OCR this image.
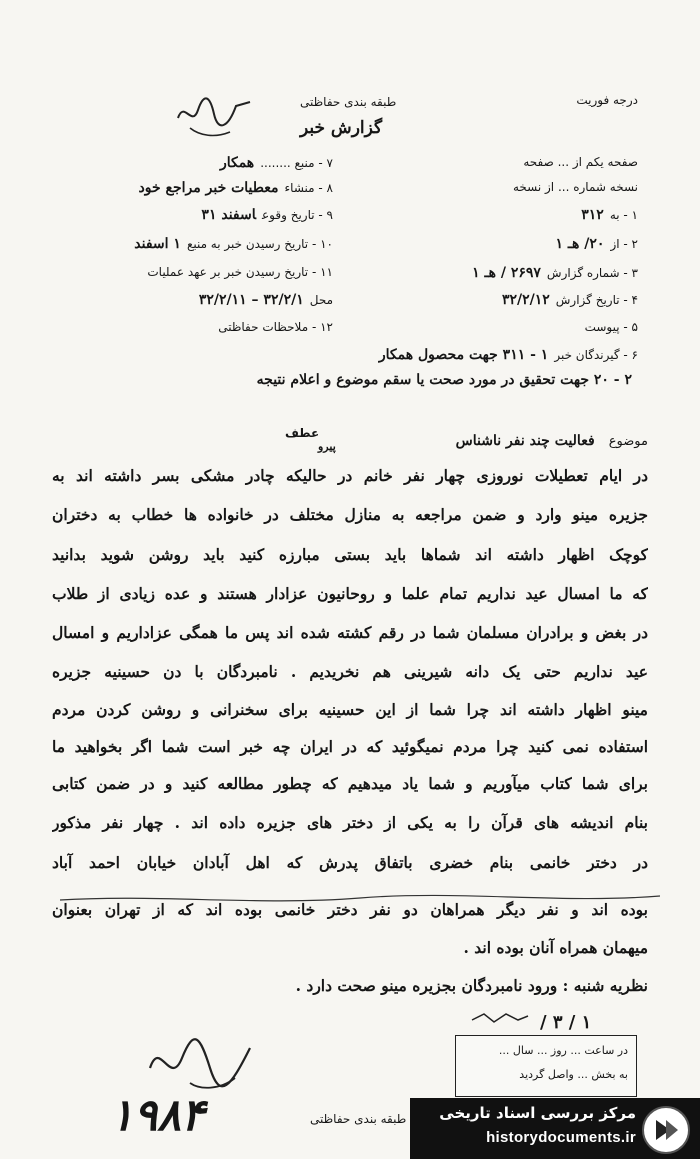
درجه فوریت
طبقه بندی حفاظتی
گزارش خبر
۷ - منبع ........همکار
۸ - منشاءمعطیات خبر مراجع خود
۹ - تاریخ وقوعاسفند ۳۱
۱۰ - تاریخ رسیدن خبر به منبع۱ اسفند
۱۱ - تاریخ رسیدن خبر بر عهد عملیات
محل۳۲/۲/۱ – ۳۲/۲/۱۱
۱۲ - ملاحظات حفاظتی
صفحه یکم از ... صفحه
نسخه شماره ... از نسخه
۱ - به۳۱۲
۲ - از۲۰/ هـ ۱
۳ - شماره گزارش۲۶۹۷ / هـ ۱
۴ - تاریخ گزارش۳۲/۲/۱۲
۵ - پیوست
۶ - گیرندگان خبر۱ - ۳۱۱ جهت محصول همکار
۲ - ۲۰ جهت تحقیق در مورد صحت یا سقم موضوع و اعلام نتیجه
عطف
پیرو	موضوع فعالیت چند نفر ناشناس
در ایام تعطیلات نوروزی چهار نفر خانم در حالیکه چادر مشکی بسر داشته اند به
جزیره مینو وارد و ضمن مراجعه به منازل مختلف در خانواده ها خطاب به دختران
کوچک اظهار داشته اند شماها باید بستی مبارزه کنید باید روشن شوید بدانید
که ما امسال عید نداریم تمام علما و روحانیون عزادار هستند و عده زیادی از طلاب
در بغض و برادران مسلمان شما در رقم کشته شده اند پس ما همگی عزاداریم و امسال
عید نداریم حتی یک دانه شیرینی هم نخریدیم . نامبردگان با دن حسینیه جزیره
مینو اظهار داشته اند چرا شما از این حسینیه برای سخنرانی و روشن کردن مردم
استفاده نمی کنید چرا مردم نمیگوئید که در ایران چه خبر است شما اگر بخواهید ما
برای شما کتاب میآوریم و شما یاد میدهیم که چطور مطالعه کنید و در ضمن کتابی
بنام اندیشه های قرآن را به یکی از دختر های جزیره داده اند . چهار نفر مذکور
در دختر خانمی بنام خضری باتفاق پدرش که اهل آبادان خیابان احمد آباد
بوده اند و نفر دیگر همراهان دو نفر دختر خانمی بوده اند که از تهران بعنوان
میهمان همراه آنان بوده اند .
نظریه شنبه : ورود نامبردگان بجزیره مینو صحت دارد .
/ ۳ / ۱
در ساعت ... روز ... سال ...
به بخش ... واصل گردید
۱۹۸۴	طبقه بندی حفاظتی مرکز بررسی اسناد تاریخی
historydocuments.ir
